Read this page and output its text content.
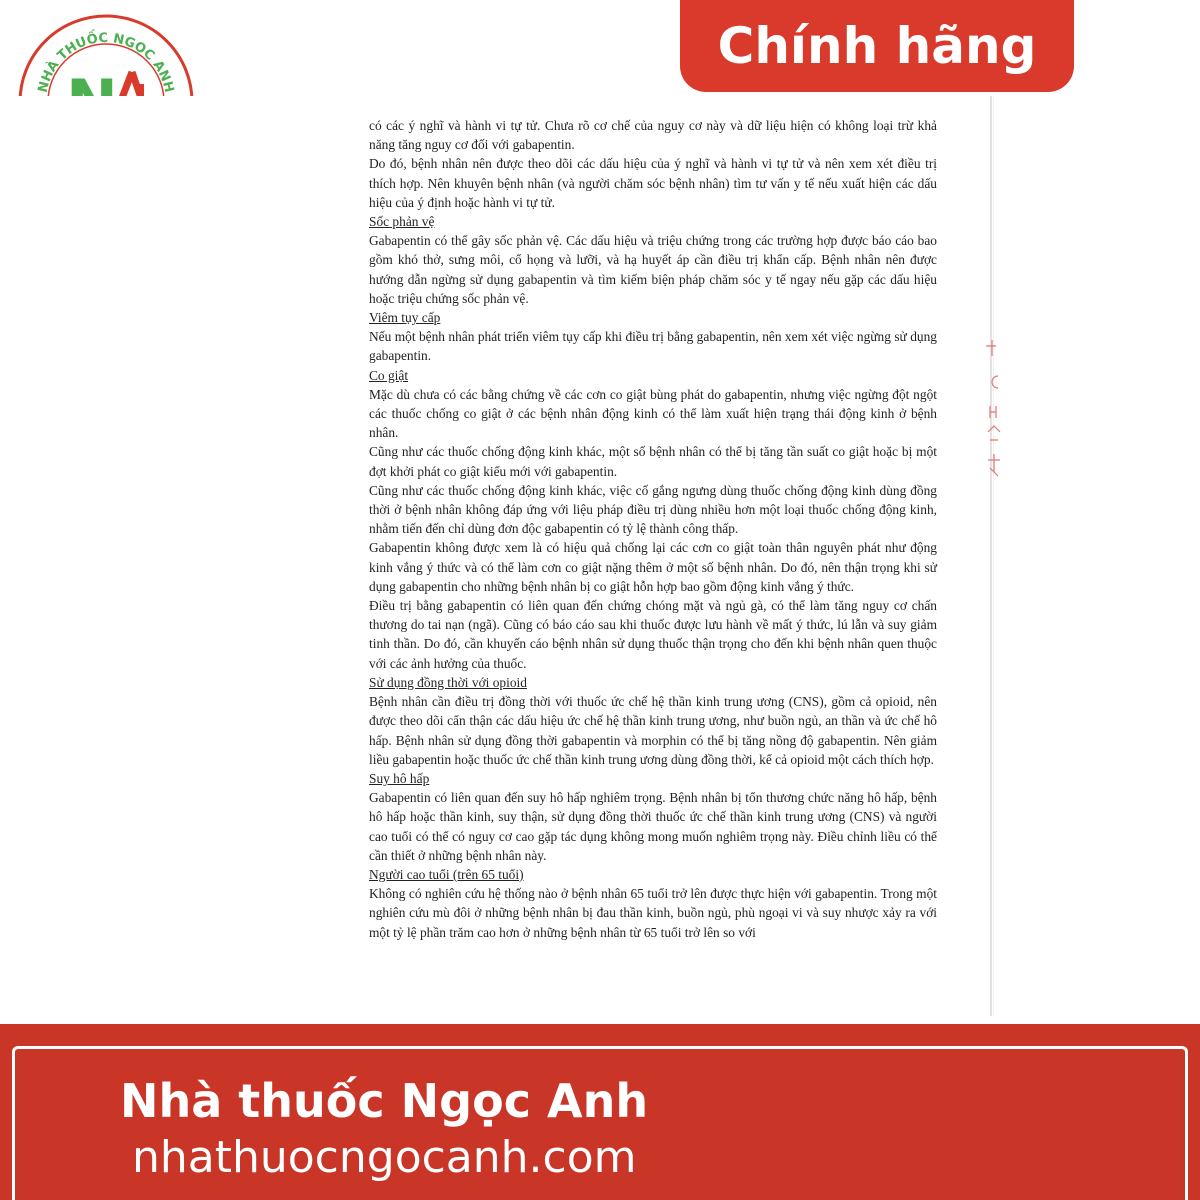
NHÀ THUỐC NGỌC ANH
Chính hãng

có các ý nghĩ và hành vi tự tử. Chưa rõ cơ chế của nguy cơ này và dữ liệu hiện có không loại trừ khả năng tăng nguy cơ đối với gabapentin.

Do đó, bệnh nhân nên được theo dõi các dấu hiệu của ý nghĩ và hành vi tự tử và nên xem xét điều trị thích hợp. Nên khuyên bệnh nhân (và người chăm sóc bệnh nhân) tìm tư vấn y tế nếu xuất hiện các dấu hiệu của ý định hoặc hành vi tự tử.

Sốc phản vệ

Gabapentin có thể gây sốc phản vệ. Các dấu hiệu và triệu chứng trong các trường hợp được báo cáo bao gồm khó thở, sưng môi, cổ họng và lưỡi, và hạ huyết áp cần điều trị khẩn cấp. Bệnh nhân nên được hướng dẫn ngừng sử dụng gabapentin và tìm kiếm biện pháp chăm sóc y tế ngay nếu gặp các dấu hiệu hoặc triệu chứng sốc phản vệ.

Viêm tụy cấp

Nếu một bệnh nhân phát triển viêm tụy cấp khi điều trị bằng gabapentin, nên xem xét việc ngừng sử dụng gabapentin.

Co giật

Mặc dù chưa có các bằng chứng về các cơn co giật bùng phát do gabapentin, nhưng việc ngừng đột ngột các thuốc chống co giật ở các bệnh nhân động kinh có thể làm xuất hiện trạng thái động kinh ở bệnh nhân.

Cũng như các thuốc chống động kinh khác, một số bệnh nhân có thể bị tăng tần suất co giật hoặc bị một đợt khởi phát co giật kiểu mới với gabapentin.

Cũng như các thuốc chống động kinh khác, việc cố gắng ngưng dùng thuốc chống động kinh dùng đồng thời ở bệnh nhân không đáp ứng với liệu pháp điều trị dùng nhiều hơn một loại thuốc chống động kinh, nhằm tiến đến chỉ dùng đơn độc gabapentin có tỷ lệ thành công thấp.

Gabapentin không được xem là có hiệu quả chống lại các cơn co giật toàn thân nguyên phát như động kinh vắng ý thức và có thể làm cơn co giật nặng thêm ở một số bệnh nhân. Do đó, nên thận trọng khi sử dụng gabapentin cho những bệnh nhân bị co giật hỗn hợp bao gồm động kinh vắng ý thức.

Điều trị bằng gabapentin có liên quan đến chứng chóng mặt và ngủ gà, có thể làm tăng nguy cơ chấn thương do tai nạn (ngã). Cũng có báo cáo sau khi thuốc được lưu hành về mất ý thức, lú lẫn và suy giảm tinh thần. Do đó, cần khuyến cáo bệnh nhân sử dụng thuốc thận trọng cho đến khi bệnh nhân quen thuộc với các ảnh hưởng của thuốc.

Sử dụng đồng thời với opioid

Bệnh nhân cần điều trị đồng thời với thuốc ức chế hệ thần kinh trung ương (CNS), gồm cả opioid, nên được theo dõi cẩn thận các dấu hiệu ức chế hệ thần kinh trung ương, như buồn ngủ, an thần và ức chế hô hấp. Bệnh nhân sử dụng đồng thời gabapentin và morphin có thể bị tăng nồng độ gabapentin. Nên giảm liều gabapentin hoặc thuốc ức chế thần kinh trung ương dùng đồng thời, kể cả opioid một cách thích hợp.

Suy hô hấp

Gabapentin có liên quan đến suy hô hấp nghiêm trọng. Bệnh nhân bị tổn thương chức năng hô hấp, bệnh hô hấp hoặc thần kinh, suy thận, sử dụng đồng thời thuốc ức chế thần kinh trung ương (CNS) và người cao tuổi có thể có nguy cơ cao gặp tác dụng không mong muốn nghiêm trọng này. Điều chỉnh liều có thể cần thiết ở những bệnh nhân này.

Người cao tuổi (trên 65 tuổi)

Không có nghiên cứu hệ thống nào ở bệnh nhân 65 tuổi trở lên được thực hiện với gabapentin. Trong một nghiên cứu mù đôi ở những bệnh nhân bị đau thần kinh, buồn ngủ, phù ngoại vi và suy nhược xảy ra với một tỷ lệ phần trăm cao hơn ở những bệnh nhân từ 65 tuổi trở lên so với

Nhà thuốc Ngọc Anh
nhathuocngocanh.com
